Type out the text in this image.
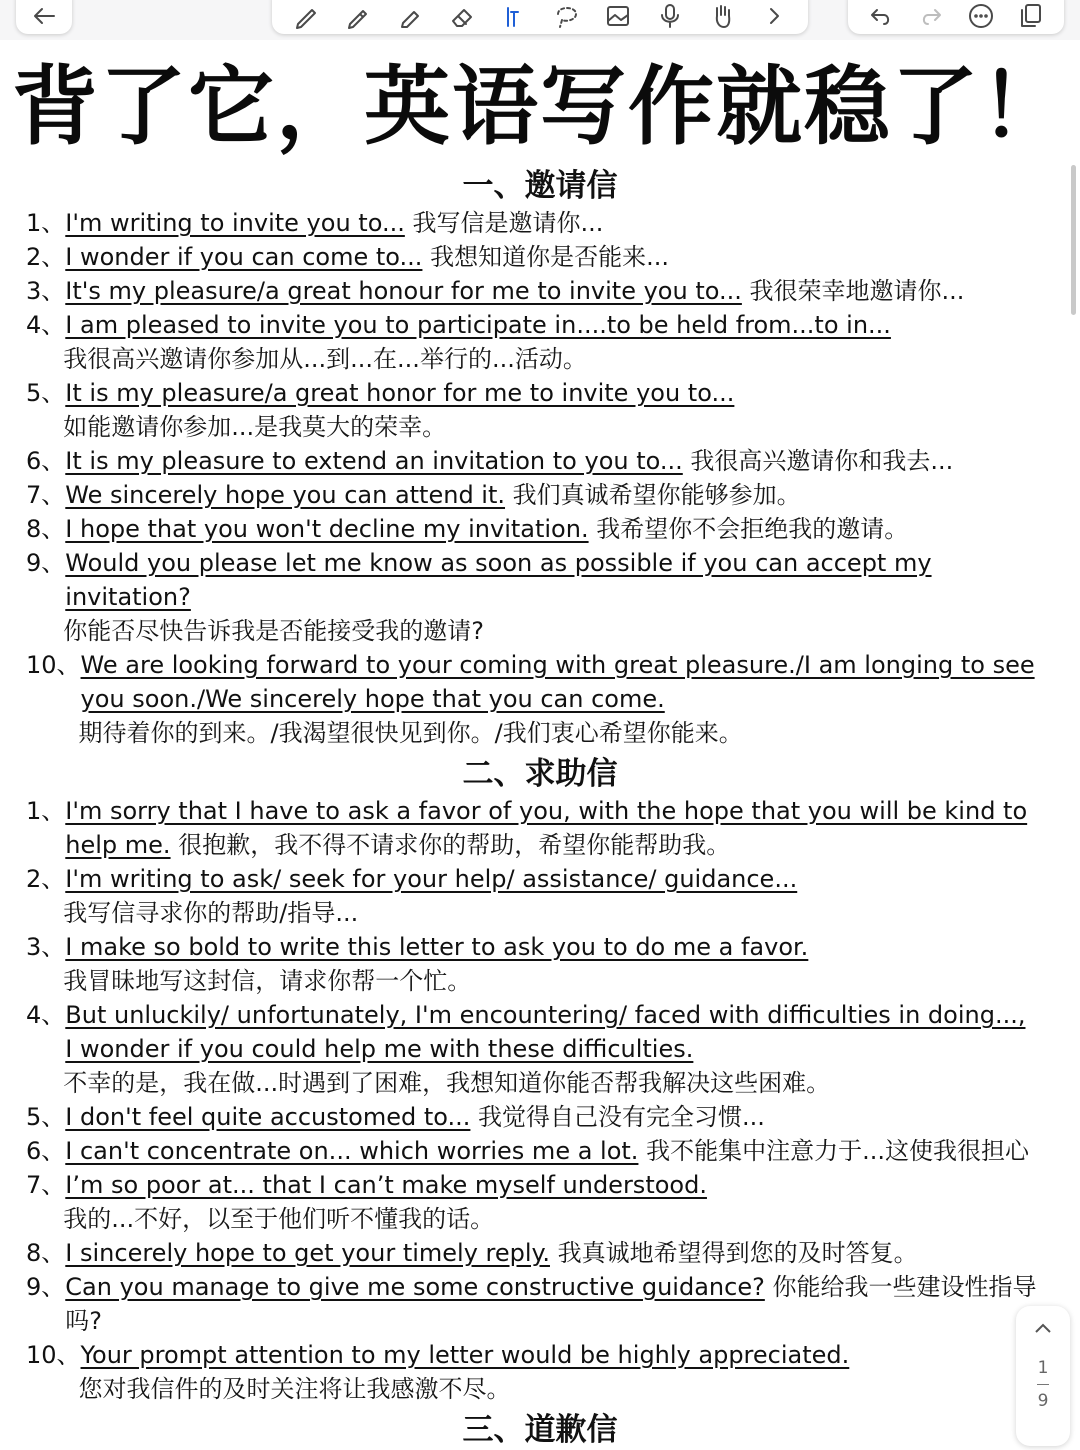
背了它，英语写作就稳了！
一、邀请信
1、 I'm writing to invite you to... 我写信是邀请你...
2、 I wonder if you can come to... 我想知道你是否能来...
3、 It's my pleasure/a great honour for me to invite you to... 我很荣幸地邀请你...
4、 I am pleased to invite you to participate in....to be held from...to in...
我很高兴邀请你参加从...到...在...举行的...活动。
5、 It is my pleasure/a great honor for me to invite you to...
如能邀请你参加...是我莫大的荣幸。
6、 It is my pleasure to extend an invitation to you to... 我很高兴邀请你和我去...
7、 We sincerely hope you can attend it. 我们真诚希望你能够参加。
8、 I hope that you won't decline my invitation. 我希望你不会拒绝我的邀请。
9、 Would you please let me know as soon as possible if you can accept my invitation?
你能否尽快告诉我是否能接受我的邀请?
10、 We are looking forward to your coming with great pleasure./I am longing to see you soon./We sincerely hope that you can come.
期待着你的到来。/我渴望很快见到你。/我们衷心希望你能来。
二、求助信
1、 I'm sorry that I have to ask a favor of you, with the hope that you will be kind to help me. 很抱歉，我不得不请求你的帮助，希望你能帮助我。
2、 I'm writing to ask/ seek for your help/ assistance/ guidance...
我写信寻求你的帮助/指导...
3、 I make so bold to write this letter to ask you to do me a favor.
我冒昧地写这封信，请求你帮一个忙。
4、 But unluckily/ unfortunately, I'm encountering/ faced with difficulties in doing..., I wonder if you could help me with these difficulties.
不幸的是，我在做...时遇到了困难，我想知道你能否帮我解决这些困难。
5、 I don't feel quite accustomed to... 我觉得自己没有完全习惯...
6、 I can't concentrate on... which worries me a lot. 我不能集中注意力于...这使我很担心
7、 I’m so poor at... that I can’t make myself understood.
我的...不好，以至于他们听不懂我的话。
8、 I sincerely hope to get your timely reply. 我真诚地希望得到您的及时答复。
9、 Can you manage to give me some constructive guidance? 你能给我一些建设性指导吗?
10、 Your prompt attention to my letter would be highly appreciated.
您对我信件的及时关注将让我感激不尽。
三、道歉信
1
9
